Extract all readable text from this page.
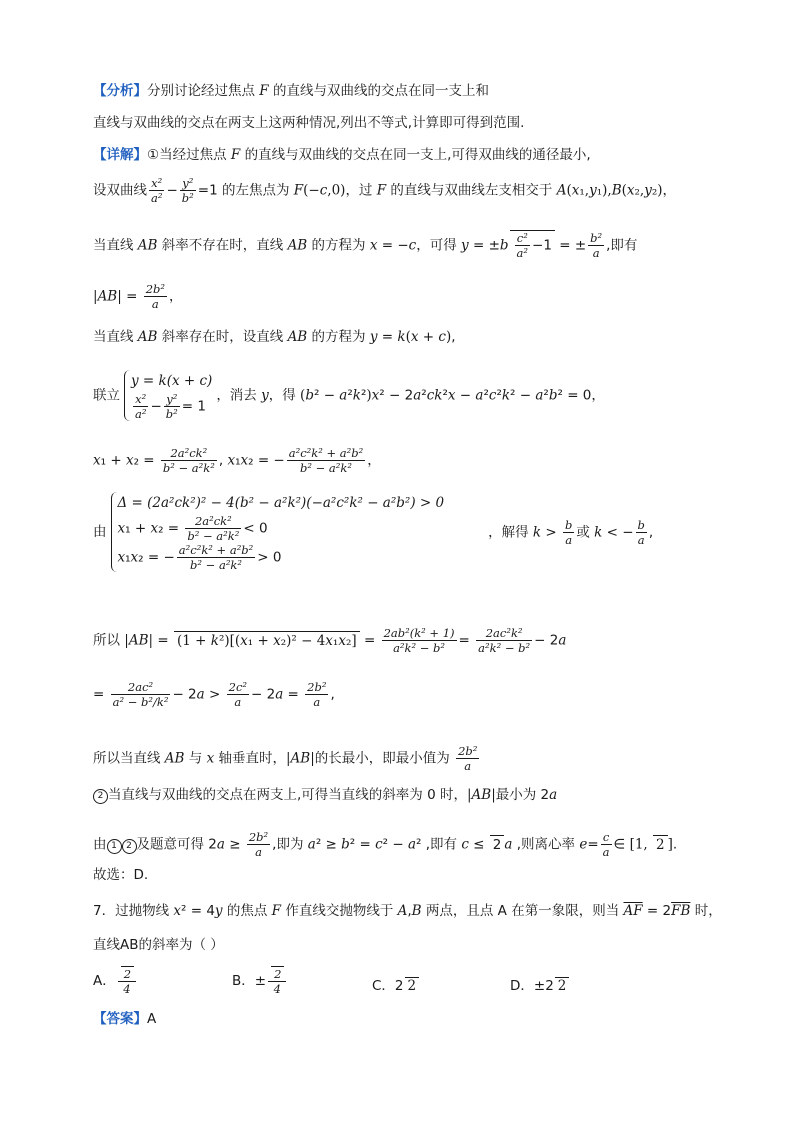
【分析】分别讨论经过焦点 F 的直线与双曲线的交点在同一支上和
直线与双曲线的交点在两支上这两种情况,列出不等式,计算即可得到范围.
【详解】①当经过焦点 F 的直线与双曲线的交点在同一支上,可得双曲线的通径最小,
设双曲线 $\frac{\text{x²}}{\text{a²}} - \frac{\text{y²}}{\text{b²}} =1$ 的左焦点为 F(−c,0)，过 F 的直线与双曲线左支相交于 A(x₁,y₁),B(x₂,y₂)，
当直线 AB 斜率不存在时，直线 AB 的方程为 x = −c，可得 $y = \pm b \frac{\text{c²}}{\text{a²}} -1$ = ± $\frac{\text{b²}}{a}$ ,即有
$|AB| = \frac{\text{2b²}}{a}$ ，
当直线 AB 斜率存在时，设直线 AB 的方程为 y = k(x + c),
联立
y = k(x + c)
$\frac{\text{x²}}{\text{a²}} - \frac{\text{y²}}{\text{b²}} = 1$
，消去 y，得 (b² − a²k²)x² − 2a²ck²x − a²c²k² − a²b² = 0，
$x_1 + x_2 = \frac{\text{2a²ck²}}{\text{b² − a²k²}}$ , x₁x₂ = − $\frac{\text{a²c²k² + a²b²}}{\text{b² − a²k²}}$ ，
由
Δ = (2a²ck²)² − 4(b² − a²k²)(−a²c²k² − a²b²) > 0
$x_1 + x_2 = \frac{\text{2a²ck²}}{\text{b² − a²k²}} < 0$
x₁x₂ = − $\frac{\text{a²c²k² + a²b²}}{\text{b² − a²k²}} > 0$
，解得 $k > \frac{b}{a}$ 或 k < − $\frac{b}{a}$ ,
所以 $|AB| = (1 + k^2)[(x_1 + x_2)^2 - 4x_1x_2] = \frac{\text{2ab²(k² + 1)}}{\text{a²k² − b²}} = \frac{\text{2ac²k²}}{\text{a²k² − b²}} - 2a$
= $\frac{\text{2ac²}}{\text{a² − b²/k²}} - 2a > \frac{\text{2c²}}{a} - 2a = \frac{\text{2b²}}{a}$ ,
所以当直线 AB 与 x 轴垂直时，|AB|的长最小，即最小值为 $\frac{\text{2b²}}{a}$
2 当直线与双曲线的交点在两支上,可得当直线的斜率为 0 时，|AB|最小为 2a
由 1 2 及题意可得 $2a \ge \frac{\text{2b²}}{a}$ ,即为 a² ≥ b² = c² − a² ,即有 c ≤ 2 a ,则离心率 $e= \frac{c}{a}$ ∈ [1, 2 ].
故选：D.
7．过抛物线 x² = 4y 的焦点 F 作直线交抛物线于 A,B 两点，且点 A 在第一象限，则当 $\overline{AF} = 2\overline{FB}$ 时，
直线AB的斜率为（ ）
A． $\frac{2}{4}$	B．± $\frac{2}{4}$	C．2 2	D．±2 2
【答案】A
